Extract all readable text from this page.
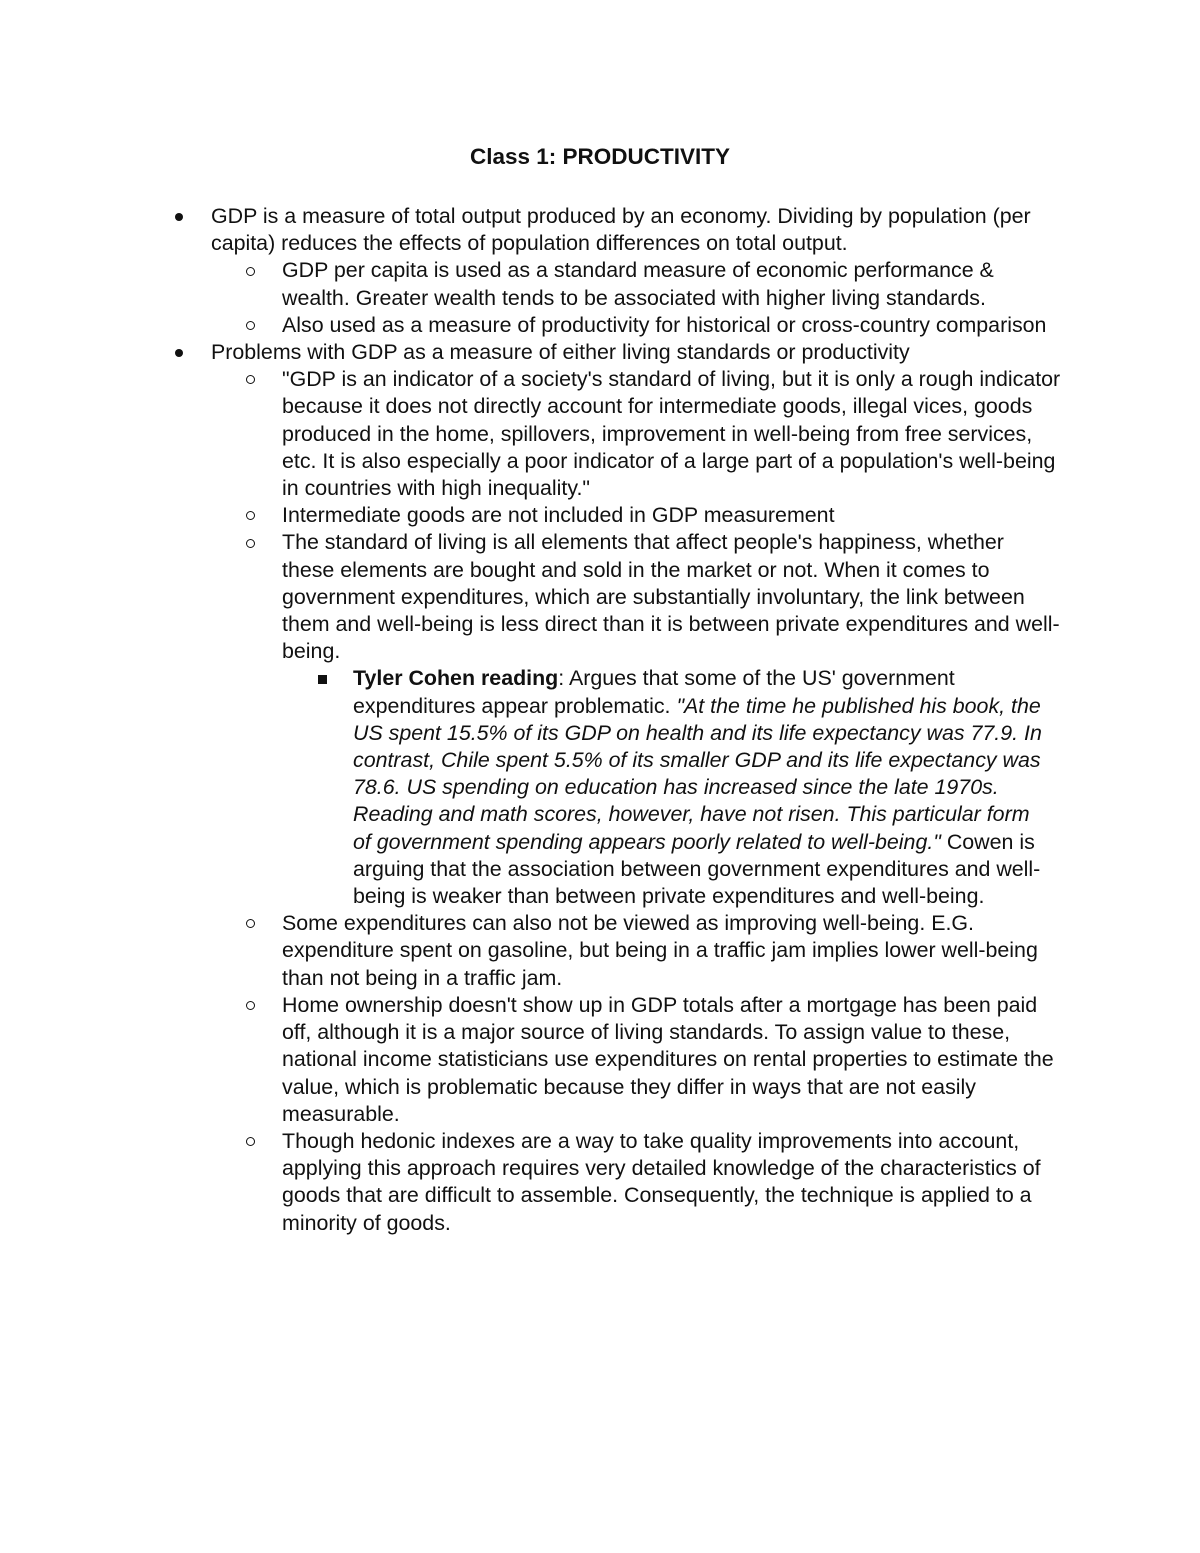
Class 1: PRODUCTIVITY
GDP is a measure of total output produced by an economy. Dividing by population (per capita) reduces the effects of population differences on total output.
GDP per capita is used as a standard measure of economic performance & wealth. Greater wealth tends to be associated with higher living standards.
Also used as a measure of productivity for historical or cross-country comparison
Problems with GDP as a measure of either living standards or productivity
"GDP is an indicator of a society's standard of living, but it is only a rough indicator because it does not directly account for intermediate goods, illegal vices, goods produced in the home, spillovers, improvement in well-being from free services, etc. It is also especially a poor indicator of a large part of a population's well-being in countries with high inequality."
Intermediate goods are not included in GDP measurement
The standard of living is all elements that affect people's happiness, whether these elements are bought and sold in the market or not. When it comes to government expenditures, which are substantially involuntary, the link between them and well-being is less direct than it is between private expenditures and well-being.
Tyler Cohen reading: Argues that some of the US' government expenditures appear problematic. "At the time he published his book, the US spent 15.5% of its GDP on health and its life expectancy was 77.9. In contrast, Chile spent 5.5% of its smaller GDP and its life expectancy was 78.6. US spending on education has increased since the late 1970s. Reading and math scores, however, have not risen. This particular form of government spending appears poorly related to well-being." Cowen is arguing that the association between government expenditures and well-being is weaker than between private expenditures and well-being.
Some expenditures can also not be viewed as improving well-being. E.G. expenditure spent on gasoline, but being in a traffic jam implies lower well-being than not being in a traffic jam.
Home ownership doesn't show up in GDP totals after a mortgage has been paid off, although it is a major source of living standards. To assign value to these, national income statisticians use expenditures on rental properties to estimate the value, which is problematic because they differ in ways that are not easily measurable.
Though hedonic indexes are a way to take quality improvements into account, applying this approach requires very detailed knowledge of the characteristics of goods that are difficult to assemble. Consequently, the technique is applied to a minority of goods.
